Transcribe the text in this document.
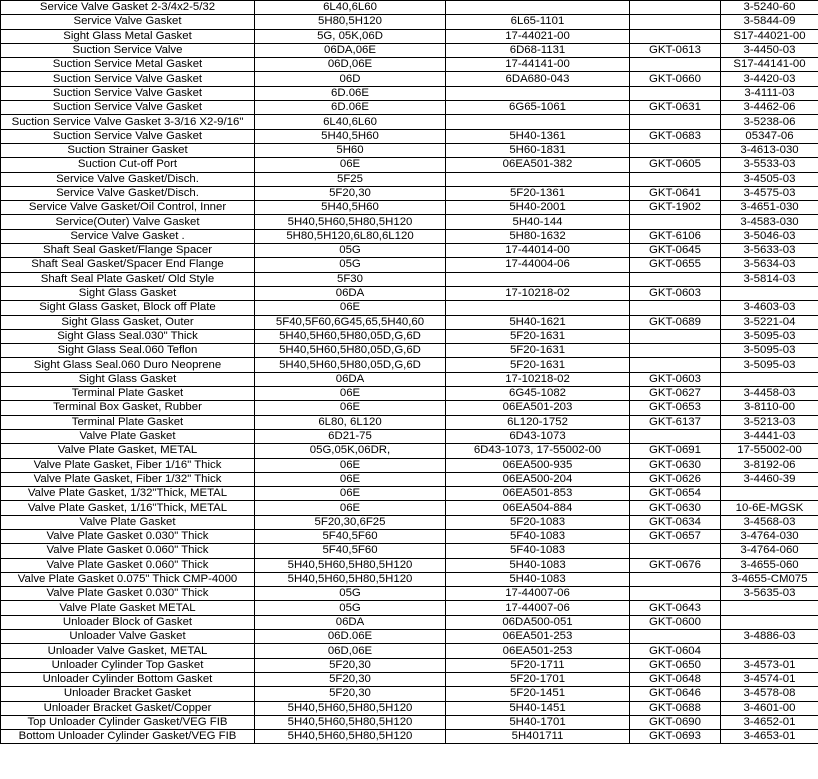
Service Valve Gasket 2-3/4x2-5/32	6L40,6L60			3-5240-60
Service Valve Gasket	5H80,5H120	6L65-1101		3-5844-09
Sight Glass Metal Gasket	5G, 05K,06D	17-44021-00		S17-44021-00
Suction Service Valve	06DA,06E	6D68-1131	GKT-0613	3-4450-03
Suction Service Metal Gasket	06D,06E	17-44141-00		S17-44141-00
Suction Service Valve Gasket	06D	6DA680-043	GKT-0660	3-4420-03
Suction Service Valve Gasket	6D.06E			3-4111-03
Suction Service Valve Gasket	6D.06E	6G65-1061	GKT-0631	3-4462-06
Suction Service Valve Gasket 3-3/16 X2-9/16"	6L40,6L60			3-5238-06
Suction Service Valve Gasket	5H40,5H60	5H40-1361	GKT-0683	05347-06
Suction Strainer Gasket	5H60	5H60-1831		3-4613-030
Suction Cut-off Port	06E	06EA501-382	GKT-0605	3-5533-03
Service Valve Gasket/Disch.	5F25			3-4505-03
Service Valve Gasket/Disch.	5F20,30	5F20-1361	GKT-0641	3-4575-03
Service Valve Gasket/Oil Control, Inner	5H40,5H60	5H40-2001	GKT-1902	3-4651-030
Service(Outer) Valve Gasket	5H40,5H60,5H80,5H120	5H40-144		3-4583-030
Service Valve Gasket .	5H80,5H120,6L80,6L120	5H80-1632	GKT-6106	3-5046-03
Shaft Seal Gasket/Flange Spacer	05G	17-44014-00	GKT-0645	3-5633-03
Shaft Seal Gasket/Spacer End Flange	05G	17-44004-06	GKT-0655	3-5634-03
Shaft Seal Plate Gasket/ Old Style	5F30			3-5814-03
Sight Glass Gasket	06DA	17-10218-02	GKT-0603	
Sight Glass Gasket, Block off Plate	06E			3-4603-03
Sight Glass Gasket, Outer	5F40,5F60,6G45,65,5H40,60	5H40-1621	GKT-0689	3-5221-04
Sight Glass Seal.030" Thick	5H40,5H60,5H80,05D,G,6D	5F20-1631		3-5095-03
Sight Glass Seal.060 Teflon	5H40,5H60,5H80,05D,G,6D	5F20-1631		3-5095-03
Sight Glass Seal.060 Duro Neoprene	5H40,5H60,5H80,05D,G,6D	5F20-1631		3-5095-03
Sight Glass Gasket	06DA	17-10218-02	GKT-0603	
Terminal Plate Gasket	06E	6G45-1082	GKT-0627	3-4458-03
Terminal Box Gasket, Rubber	06E	06EA501-203	GKT-0653	3-8110-00
Terminal Plate Gasket	6L80, 6L120	6L120-1752	GKT-6137	3-5213-03
Valve Plate Gasket	6D21-75	6D43-1073		3-4441-03
Valve Plate Gasket, METAL	05G,05K,06DR,	6D43-1073, 17-55002-00	GKT-0691	17-55002-00
Valve Plate Gasket, Fiber 1/16" Thick	06E	06EA500-935	GKT-0630	3-8192-06
Valve Plate Gasket, Fiber 1/32" Thick	06E	06EA500-204	GKT-0626	3-4460-39
Valve Plate Gasket, 1/32"Thick, METAL	06E	06EA501-853	GKT-0654	
Valve Plate Gasket, 1/16"Thick, METAL	06E	06EA504-884	GKT-0630	10-6E-MGSK
Valve Plate Gasket	5F20,30,6F25	5F20-1083	GKT-0634	3-4568-03
Valve Plate Gasket 0.030" Thick	5F40,5F60	5F40-1083	GKT-0657	3-4764-030
Valve Plate Gasket 0.060" Thick	5F40,5F60	5F40-1083		3-4764-060
Valve Plate Gasket 0.060" Thick	5H40,5H60,5H80,5H120	5H40-1083	GKT-0676	3-4655-060
Valve Plate Gasket 0.075" Thick CMP-4000	5H40,5H60,5H80,5H120	5H40-1083		3-4655-CM075
Valve Plate Gasket 0.030" Thick	05G	17-44007-06		3-5635-03
Valve Plate Gasket METAL	05G	17-44007-06	GKT-0643	
Unloader Block of Gasket	06DA	06DA500-051	GKT-0600	
Unloader Valve Gasket	06D.06E	06EA501-253		3-4886-03
Unloader Valve Gasket, METAL	06D,06E	06EA501-253	GKT-0604	
Unloader Cylinder Top Gasket	5F20,30	5F20-1711	GKT-0650	3-4573-01
Unloader Cylinder Bottom Gasket	5F20,30	5F20-1701	GKT-0648	3-4574-01
Unloader Bracket Gasket	5F20,30	5F20-1451	GKT-0646	3-4578-08
Unloader Bracket Gasket/Copper	5H40,5H60,5H80,5H120	5H40-1451	GKT-0688	3-4601-00
Top Unloader Cylinder Gasket/VEG FIB	5H40,5H60,5H80,5H120	5H40-1701	GKT-0690	3-4652-01
Bottom Unloader Cylinder Gasket/VEG FIB	5H40,5H60,5H80,5H120	5H401711	GKT-0693	3-4653-01
